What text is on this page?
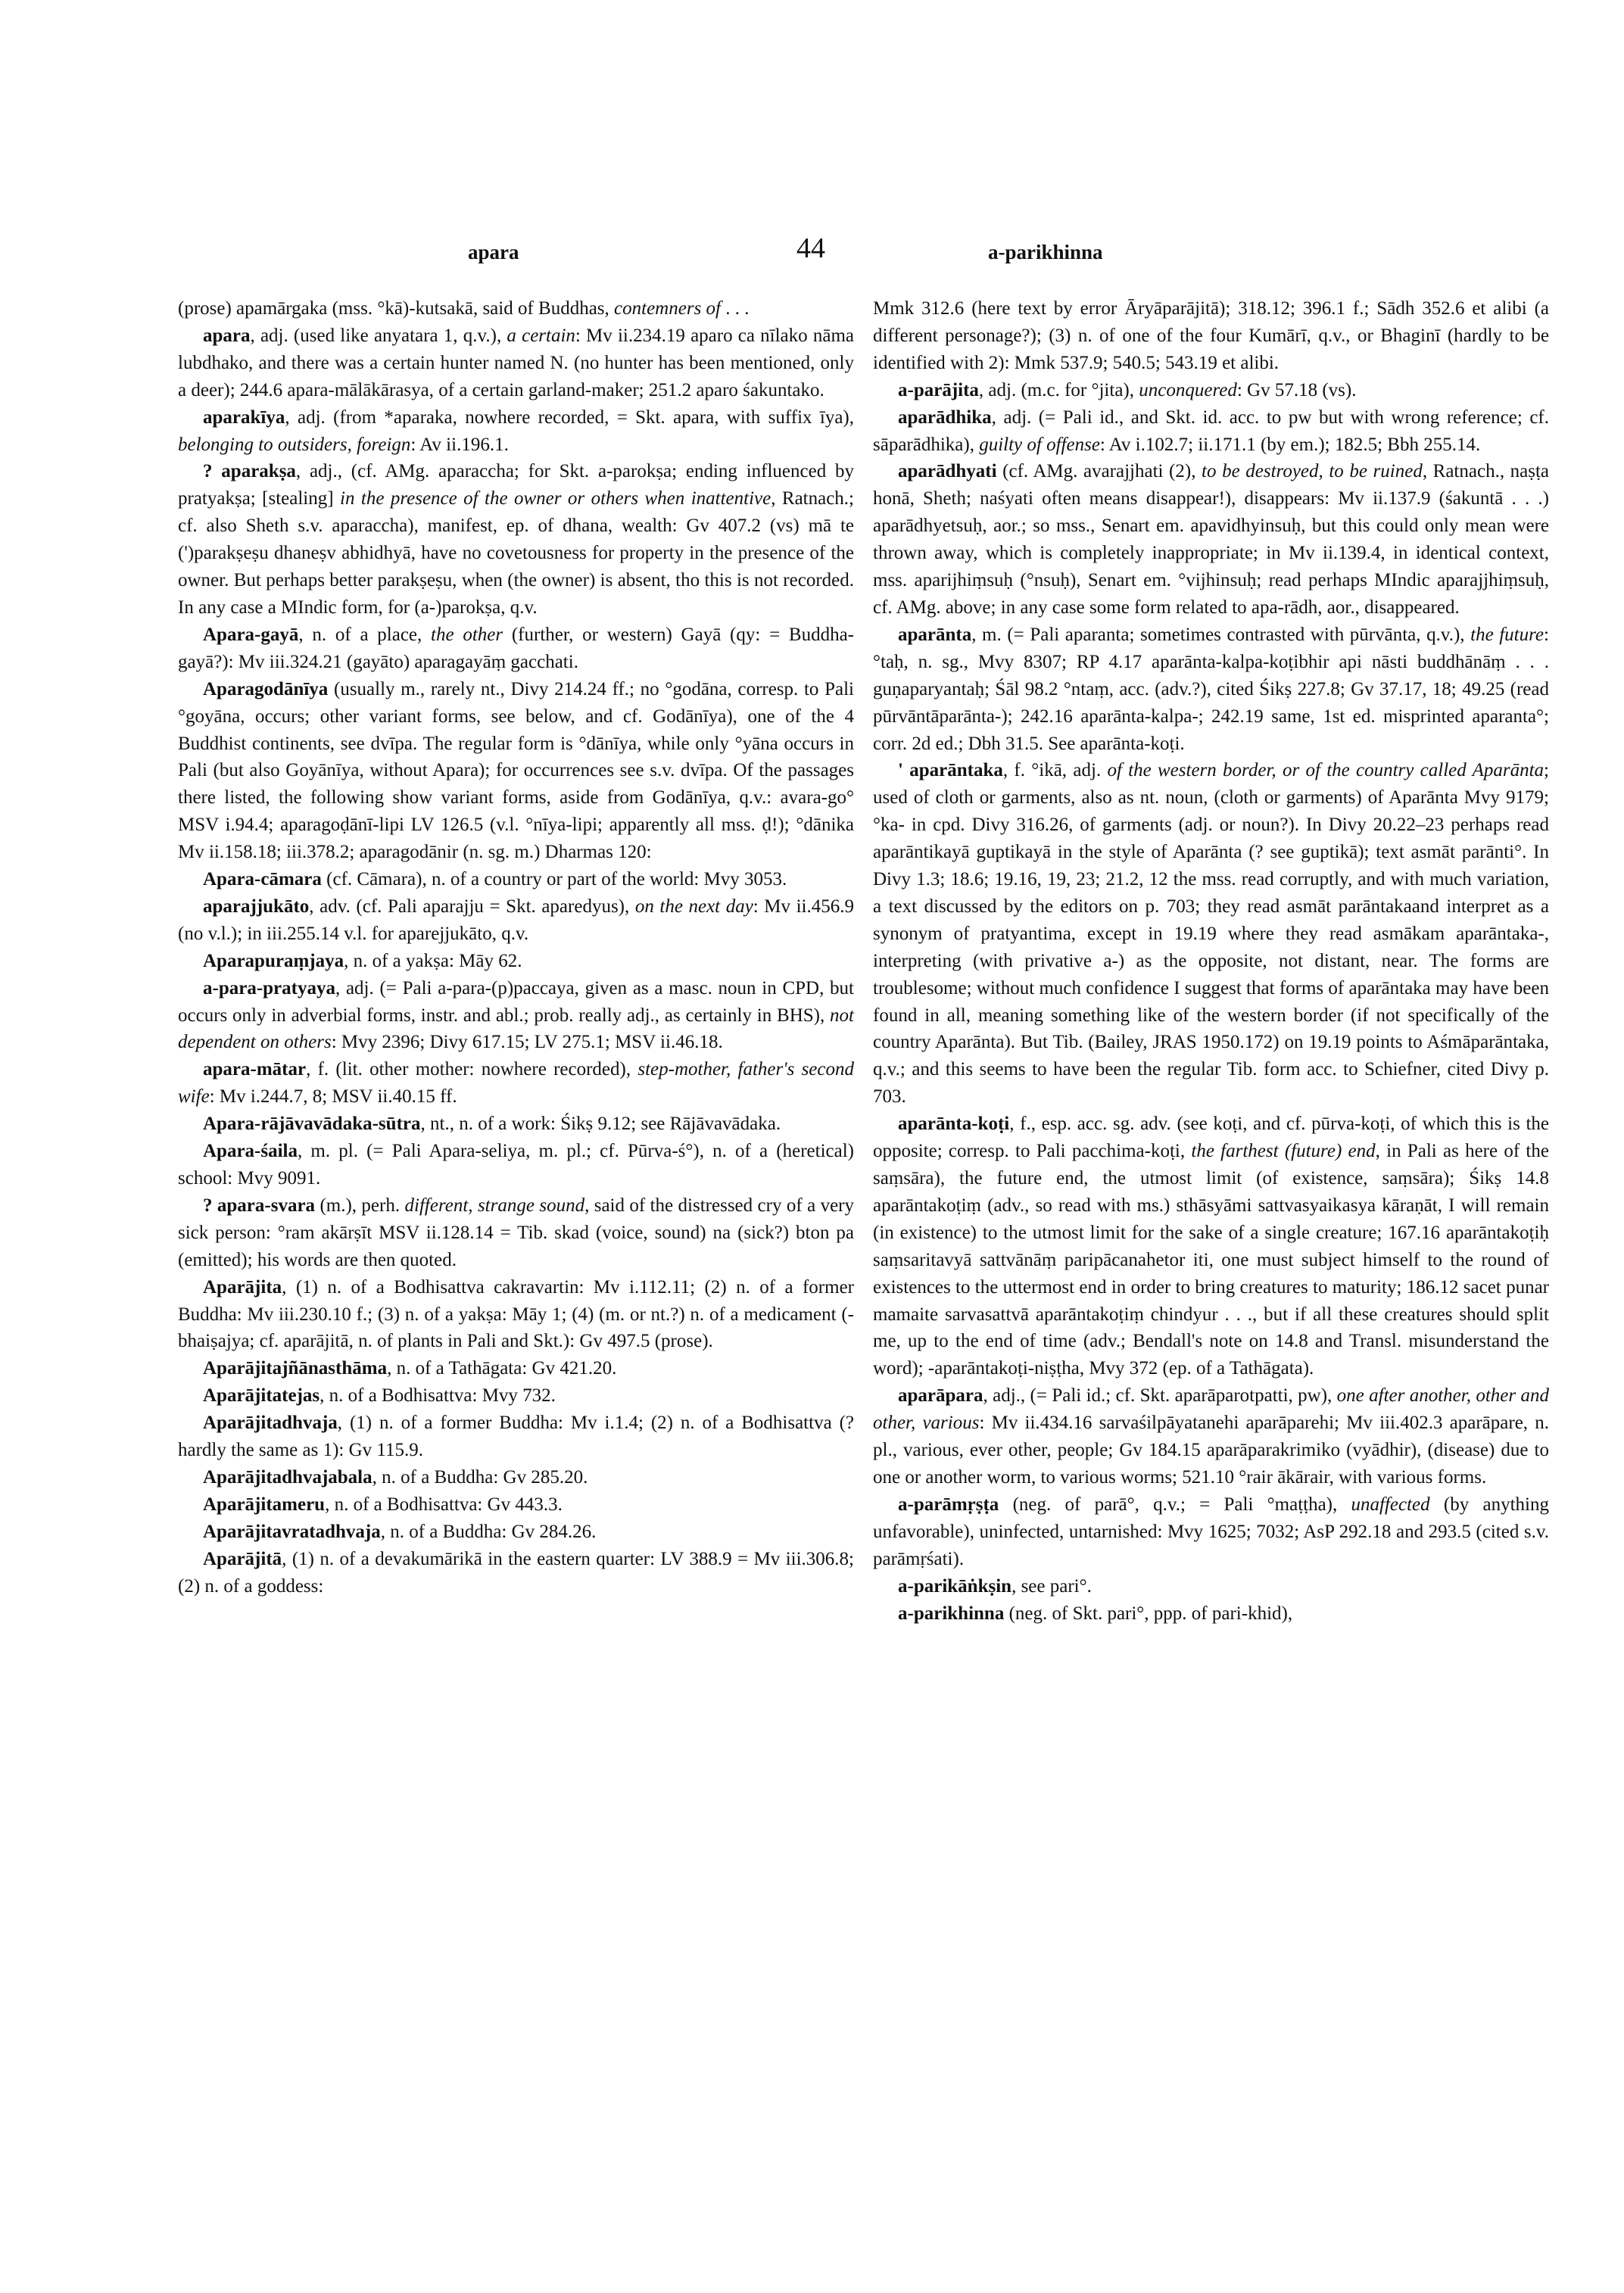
apara	44	a-parikhinna

(prose) apamārgaka (mss. °kā)-kutsakā, said of Buddhas, contemners of . . .

apara, adj. (used like anyatara 1, q.v.), a certain: Mv ii.234.19 aparo ca nīlako nāma lubdhako, and there was a certain hunter named N. (no hunter has been mentioned, only a deer); 244.6 apara-mālākārasya, of a certain garland-maker; 251.2 aparo śakuntako.

aparakīya, adj. (from *aparaka, nowhere recorded, = Skt. apara, with suffix īya), belonging to outsiders, foreign: Av ii.196.1.

? aparakṣa, adj., (cf. AMg. aparaccha; for Skt. a-parokṣa; ending influenced by pratyakṣa; [stealing] in the presence of the owner or others when inattentive, Ratnach.; cf. also Sheth s.v. aparaccha), manifest, ep. of dhana, wealth: Gv 407.2 (vs) mā te (')parakṣeṣu dhaneṣv abhidhyā, have no covetousness for property in the presence of the owner. But perhaps better parakṣeṣu, when (the owner) is absent, tho this is not recorded. In any case a MIndic form, for (a-)parokṣa, q.v.

Apara-gayā, n. of a place, the other (further, or western) Gayā (qy: = Buddha-gayā?): Mv iii.324.21 (gayāto) aparagayāṃ gacchati.

Aparagodānīya (usually m., rarely nt., Divy 214.24 ff.; no °godāna, corresp. to Pali °goyāna, occurs; other variant forms, see below, and cf. Godānīya), one of the 4 Buddhist continents, see dvīpa. The regular form is °dānīya, while only °yāna occurs in Pali (but also Goyānīya, without Apara); for occurrences see s.v. dvīpa. Of the passages there listed, the following show variant forms, aside from Godānīya, q.v.: avara-go° MSV i.94.4; aparagoḍānī-lipi LV 126.5 (v.l. °nīya-lipi; apparently all mss. ḍ!); °dānika Mv ii.158.18; iii.378.2; aparagodānir (n. sg. m.) Dharmas 120:

Apara-cāmara (cf. Cāmara), n. of a country or part of the world: Mvy 3053.

aparajjukāto, adv. (cf. Pali aparajju = Skt. aparedyus), on the next day: Mv ii.456.9 (no v.l.); in iii.255.14 v.l. for aparejjukāto, q.v.

Aparapuraṃjaya, n. of a yakṣa: Māy 62.

a-para-pratyaya, adj. (= Pali a-para-(p)paccaya, given as a masc. noun in CPD, but occurs only in adverbial forms, instr. and abl.; prob. really adj., as certainly in BHS), not dependent on others: Mvy 2396; Divy 617.15; LV 275.1; MSV ii.46.18.

apara-mātar, f. (lit. other mother: nowhere recorded), step-mother, father's second wife: Mv i.244.7, 8; MSV ii.40.15 ff.

Apara-rājāvavādaka-sūtra, nt., n. of a work: Śikṣ 9.12; see Rājāvavādaka.

Apara-śaila, m. pl. (= Pali Apara-seliya, m. pl.; cf. Pūrva-ś°), n. of a (heretical) school: Mvy 9091.

? apara-svara (m.), perh. different, strange sound, said of the distressed cry of a very sick person: °ram akārṣīt MSV ii.128.14 = Tib. skad (voice, sound) na (sick?) bton pa (emitted); his words are then quoted.

Aparājita, (1) n. of a Bodhisattva cakravartin: Mv i.112.11; (2) n. of a former Buddha: Mv iii.230.10 f.; (3) n. of a yakṣa: Māy 1; (4) (m. or nt.?) n. of a medicament (-bhaiṣajya; cf. aparājitā, n. of plants in Pali and Skt.): Gv 497.5 (prose).

Aparājitajñānasthāma, n. of a Tathāgata: Gv 421.20.

Aparājitatejas, n. of a Bodhisattva: Mvy 732.

Aparājitadhvaja, (1) n. of a former Buddha: Mv i.1.4; (2) n. of a Bodhisattva (? hardly the same as 1): Gv 115.9.

Aparājitadhvajabala, n. of a Buddha: Gv 285.20.

Aparājitameru, n. of a Bodhisattva: Gv 443.3.

Aparājitavratadhvaja, n. of a Buddha: Gv 284.26.

Aparājitā, (1) n. of a devakumārikā in the eastern quarter: LV 388.9 = Mv iii.306.8; (2) n. of a goddess:

Mmk 312.6 (here text by error Āryāparājitā); 318.12; 396.1 f.; Sādh 352.6 et alibi (a different personage?); (3) n. of one of the four Kumārī, q.v., or Bhaginī (hardly to be identified with 2): Mmk 537.9; 540.5; 543.19 et alibi.

a-parājita, adj. (m.c. for °jita), unconquered: Gv 57.18 (vs).

aparādhika, adj. (= Pali id., and Skt. id. acc. to pw but with wrong reference; cf. sāparādhika), guilty of offense: Av i.102.7; ii.171.1 (by em.); 182.5; Bbh 255.14.

aparādhyati (cf. AMg. avarajjhati (2), to be destroyed, to be ruined, Ratnach., naṣṭa honā, Sheth; naśyati often means disappear!), disappears: Mv ii.137.9 (śakuntā . . .) aparādhyetsuḥ, aor.; so mss., Senart em. apavidhyinsuḥ, but this could only mean were thrown away, which is completely inappropriate; in Mv ii.139.4, in identical context, mss. aparijhiṃsuḥ (°nsuḥ), Senart em. °vijhinsuḥ; read perhaps MIndic aparajjhiṃsuḥ, cf. AMg. above; in any case some form related to apa-rādh, aor., disappeared.

aparānta, m. (= Pali aparanta; sometimes contrasted with pūrvānta, q.v.), the future: °taḥ, n. sg., Mvy 8307; RP 4.17 aparānta-kalpa-koṭibhir api nāsti buddhānāṃ . . . guṇaparyantaḥ; Śāl 98.2 °ntaṃ, acc. (adv.?), cited Śikṣ 227.8; Gv 37.17, 18; 49.25 (read pūrvāntāparānta-); 242.16 aparānta-kalpa-; 242.19 same, 1st ed. misprinted aparanta°; corr. 2d ed.; Dbh 31.5. See aparānta-koṭi.

' aparāntaka, f. °ikā, adj. of the western border, or of the country called Aparānta; used of cloth or garments, also as nt. noun, (cloth or garments) of Aparānta Mvy 9179; °ka- in cpd. Divy 316.26, of garments (adj. or noun?). In Divy 20.22–23 perhaps read aparāntikayā guptikayā in the style of Aparānta (? see guptikā); text asmāt parānti°. In Divy 1.3; 18.6; 19.16, 19, 23; 21.2, 12 the mss. read corruptly, and with much variation, a text discussed by the editors on p. 703; they read asmāt parāntakaand interpret as a synonym of pratyantima, except in 19.19 where they read asmākam aparāntaka-, interpreting (with privative a-) as the opposite, not distant, near. The forms are troublesome; without much confidence I suggest that forms of aparāntaka may have been found in all, meaning something like of the western border (if not specifically of the country Aparānta). But Tib. (Bailey, JRAS 1950.172) on 19.19 points to Aśmāparāntaka, q.v.; and this seems to have been the regular Tib. form acc. to Schiefner, cited Divy p. 703.

aparānta-koṭi, f., esp. acc. sg. adv. (see koṭi, and cf. pūrva-koṭi, of which this is the opposite; corresp. to Pali pacchima-koṭi, the farthest (future) end, in Pali as here of the saṃsāra), the future end, the utmost limit (of existence, saṃsāra); Śikṣ 14.8 aparāntakoṭiṃ (adv., so read with ms.) sthāsyāmi sattvasyaikasya kāraṇāt, I will remain (in existence) to the utmost limit for the sake of a single creature; 167.16 aparāntakoṭiḥ saṃsaritavyā sattvānāṃ paripācanahetor iti, one must subject himself to the round of existences to the uttermost end in order to bring creatures to maturity; 186.12 sacet punar mamaite sarvasattvā aparāntakoṭiṃ chindyur . . ., but if all these creatures should split me, up to the end of time (adv.; Bendall's note on 14.8 and Transl. misunderstand the word); -aparāntakoṭi-niṣṭha, Mvy 372 (ep. of a Tathāgata).

aparāpara, adj., (= Pali id.; cf. Skt. aparāparotpatti, pw), one after another, other and other, various: Mv ii.434.16 sarvaśilpāyatanehi aparāparehi; Mv iii.402.3 aparāpare, n. pl., various, ever other, people; Gv 184.15 aparāparakrimiko (vyādhir), (disease) due to one or another worm, to various worms; 521.10 °rair ākārair, with various forms.

a-parāmṛṣṭa (neg. of parā°, q.v.; = Pali °maṭṭha), unaffected (by anything unfavorable), uninfected, untarnished: Mvy 1625; 7032; AsP 292.18 and 293.5 (cited s.v. parāmṛśati).

a-parikāṅkṣin, see pari°.

a-parikhinna (neg. of Skt. pari°, ppp. of pari-khid),
